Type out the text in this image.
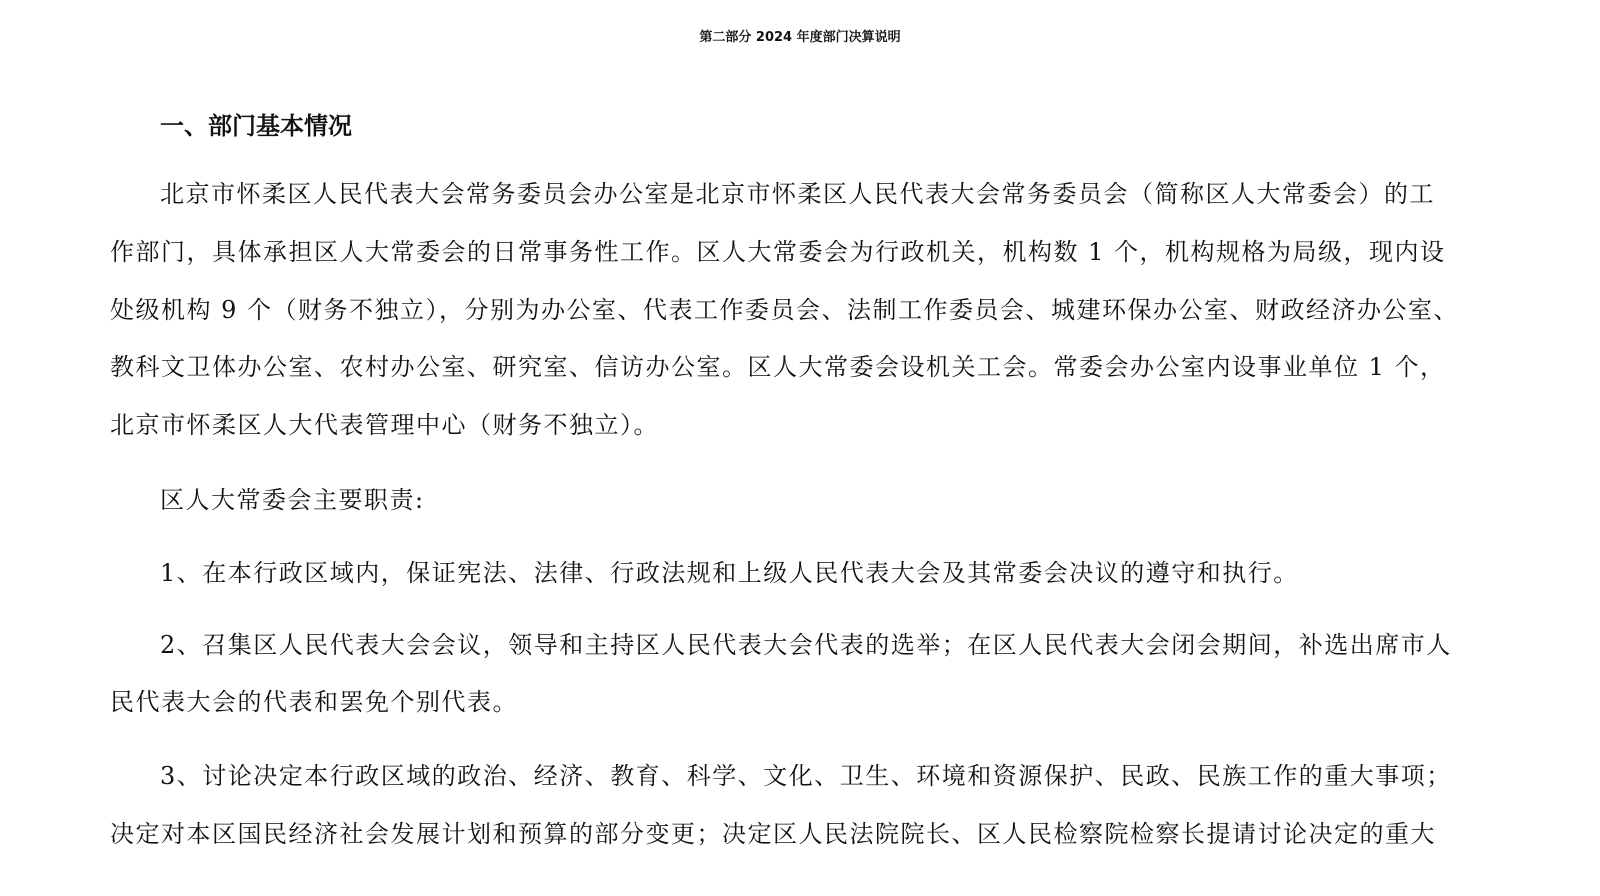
第二部分 2024 年度部门决算说明
一、部门基本情况
北京市怀柔区人民代表大会常务委员会办公室是北京市怀柔区人民代表大会常务委员会（简称区人大常委会）的工
作部门，具体承担区人大常委会的日常事务性工作。区人大常委会为行政机关，机构数 1 个，机构规格为局级，现内设
处级机构 9 个（财务不独立），分别为办公室、代表工作委员会、法制工作委员会、城建环保办公室、财政经济办公室、
教科文卫体办公室、农村办公室、研究室、信访办公室。区人大常委会设机关工会。常委会办公室内设事业单位 1 个，
北京市怀柔区人大代表管理中心（财务不独立）。
区人大常委会主要职责:
1、在本行政区域内，保证宪法、法律、行政法规和上级人民代表大会及其常委会决议的遵守和执行。
2、召集区人民代表大会会议，领导和主持区人民代表大会代表的选举；在区人民代表大会闭会期间，补选出席市人
民代表大会的代表和罢免个别代表。
3、讨论决定本行政区域的政治、经济、教育、科学、文化、卫生、环境和资源保护、民政、民族工作的重大事项；
决定对本区国民经济社会发展计划和预算的部分变更；决定区人民法院院长、区人民检察院检察长提请讨论决定的重大
